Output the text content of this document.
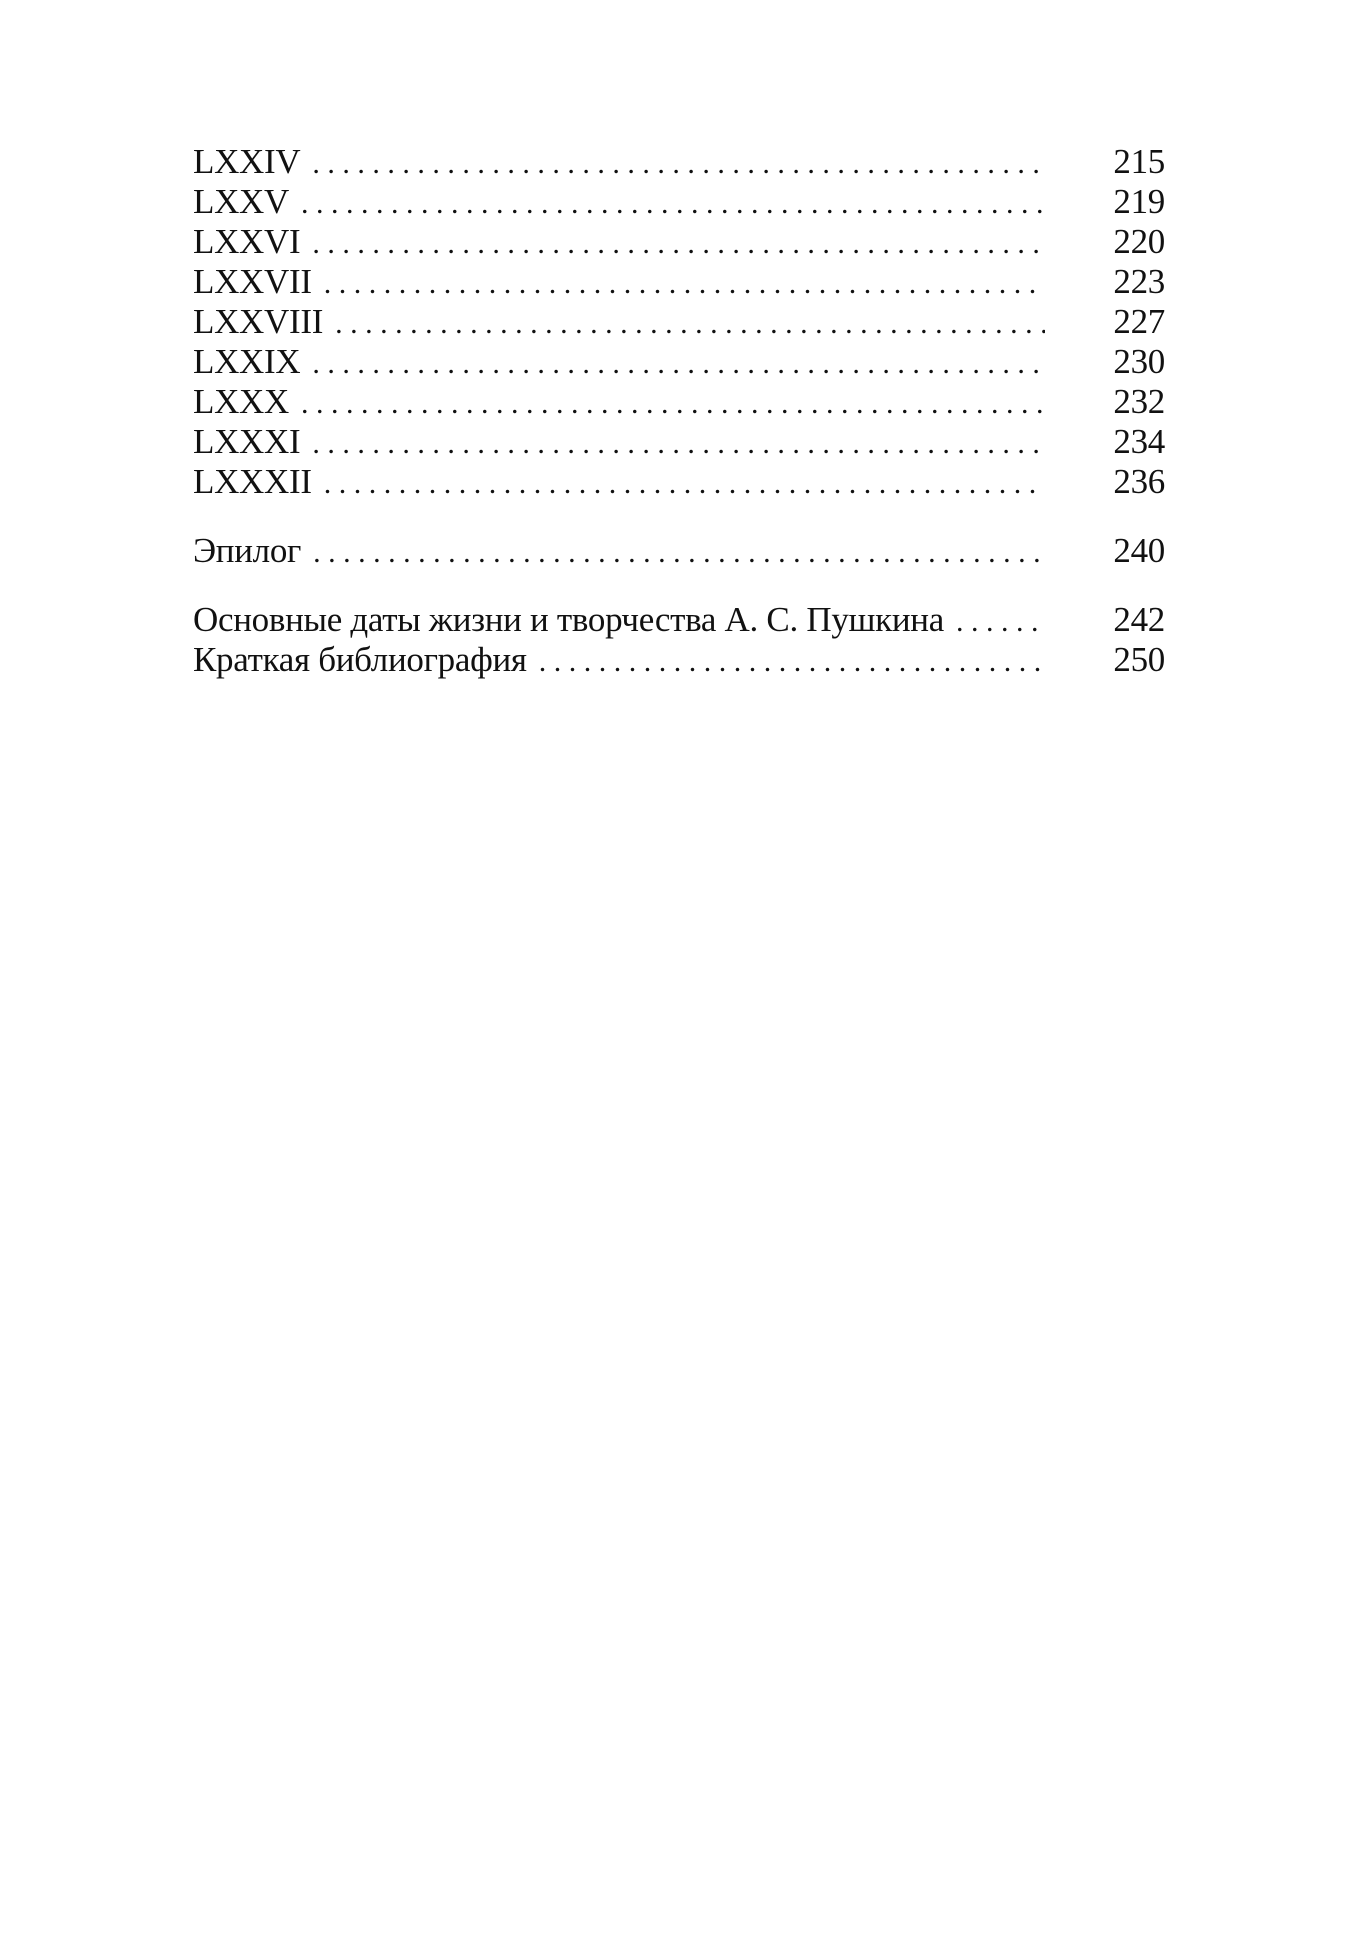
LXXIV . . .	215
LXXV . . .	219
LXXVI . . .	220
LXXVII . . .	223
LXXVIII . . .	227
LXXIX . . .	230
LXXX . . .	232
LXXXI . . .	234
LXXXII . . .	236
Эпилог . . .	240
Основные даты жизни и творчества А. С. Пушкина . . .	242
Краткая библиография . . .	250
